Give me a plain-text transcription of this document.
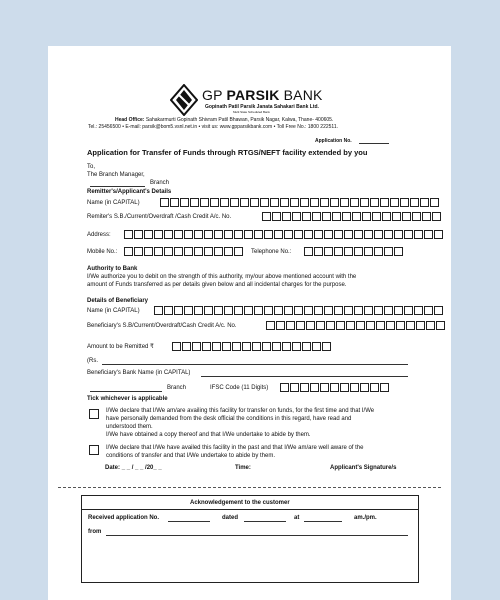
GP PARSIK BANK
Gopinath Patil Parsik Janata Sahakari Bank Ltd.
Multi State Scheduled Bank
Head Office: Sahakarmurti Gopinath Shivram Patil Bhawan, Parsik Nagar, Kalwa, Thane- 400605.
Tel.: 25456500 • E-mail: parsik@bom5.vsnl.net.in • visit us: www.gpparsikbank.com • Toll Free No.: 1800 222511.
Application No.
Application for Transfer of Funds through RTGS/NEFT facility extended by you
To,
The Branch Manager,
Branch
Remitter's/Applicant's Details
Name (in CAPITAL)
Remiter's S.B./Current/Overdraft /Cash Credit A/c. No.
Address:
Mobile No.:	Telephone No.:
Authority to Bank
I/We authorize you to debit on the strength of this authority, my/our above mentioned account with the
amount of Funds transferred as per details given below and all incidental charges for the purpose.
Details of Beneficiary
Name (in CAPITAL)
Beneficiary's S.B/Current/Overdraft/Cash Credit A/c. No.
Amount to be Remitted ₹
(Rs.
Beneficiary's Bank Name (in CAPITAL)
Branch	IFSC Code (11 Digits)
Tick whichever is applicable
I/We declare that I/We am/are availing this facility for transfer on funds, for the first time and that I/We
have personally demanded from the desk official the conditions in this regard, have read and
understood them.
I/We have obtained a copy thereof and that I/We undertake to abide by them.
I/We declare that I/We have availed this facility in the past and that I/We am/are well aware of the
conditions of transfer and that I/We undertake to abide by them.
Date: _ _ / _ _ /20_ _	Time:	Applicant's Signature/s
Acknowledgement to the customer
Received application No.	dated	at	am./pm.
from
